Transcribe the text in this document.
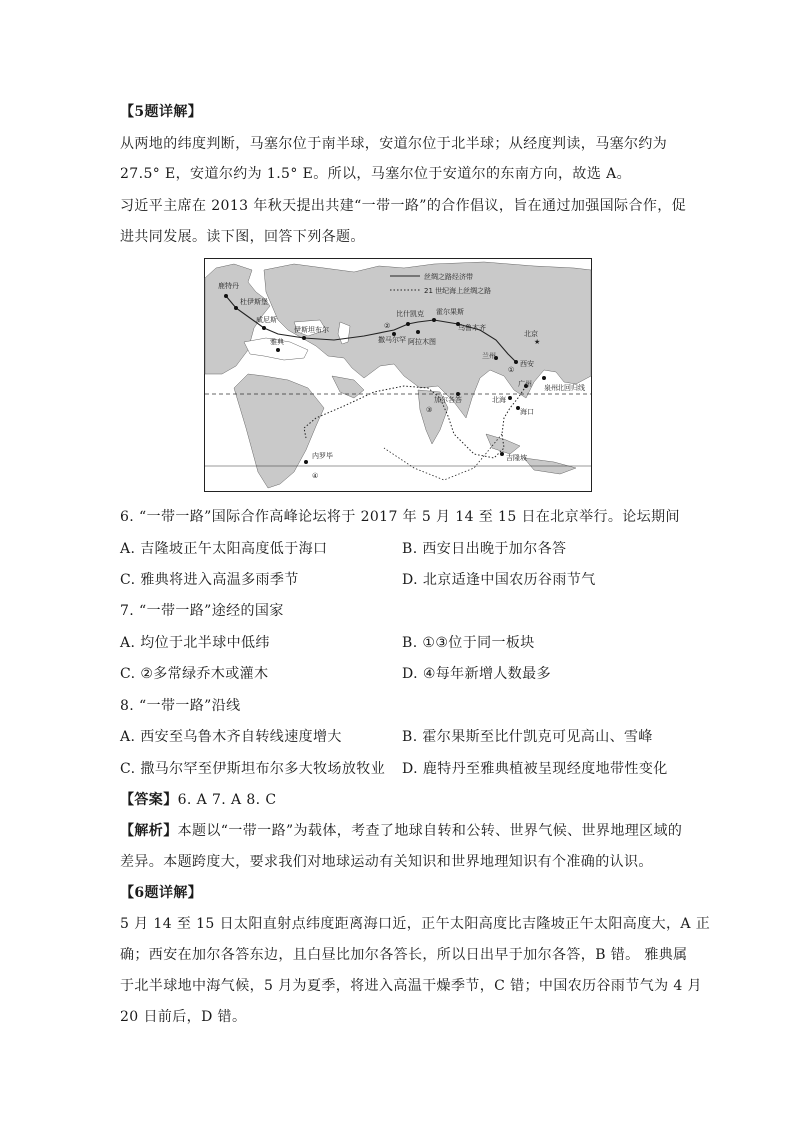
【5题详解】
从两地的纬度判断，马塞尔位于南半球，安道尔位于北半球；从经度判读，马塞尔约为
27.5° E，安道尔约为 1.5° E。所以，马塞尔位于安道尔的东南方向，故选 A。
习近平主席在 2013 年秋天提出共建“一带一路”的合作倡议，旨在通过加强国际合作，促
进共同发展。读下图，回答下列各题。
北回归线
★
丝绸之路经济带
21 世纪海上丝绸之路
鹿特丹
杜伊斯堡
威尼斯
雅典
伊斯坦布尔
比什凯克 霍尔果斯
乌鲁木齐
撒马尔罕 阿拉木图
北京
兰州
西安
加尔各答
广州 泉州
北海
海口
内罗毕	吉隆坡
①
②
③
④
6. “一带一路”国际合作高峰论坛将于 2017 年 5 月 14 至 15 日在北京举行。论坛期间
A. 吉隆坡正午太阳高度低于海口	B. 西安日出晚于加尔各答
C. 雅典将进入高温多雨季节	D. 北京适逢中国农历谷雨节气
7. “一带一路”途经的国家
A. 均位于北半球中低纬	B. ①③位于同一板块
C. ②多常绿乔木或灌木	D. ④每年新增人数最多
8. “一带一路”沿线
A. 西安至乌鲁木齐自转线速度增大	B. 霍尔果斯至比什凯克可见高山、雪峰
C. 撒马尔罕至伊斯坦布尔多大牧场放牧业 D. 鹿特丹至雅典植被呈现经度地带性变化
【答案】6. A 7. A 8. C
【解析】本题以“一带一路”为载体，考查了地球自转和公转、世界气候、世界地理区域的
差异。本题跨度大，要求我们对地球运动有关知识和世界地理知识有个准确的认识。
【6题详解】
5 月 14 至 15 日太阳直射点纬度距离海口近，正午太阳高度比吉隆坡正午太阳高度大，A 正
确；西安在加尔各答东边，且白昼比加尔各答长，所以日出早于加尔各答，B 错。 雅典属
于北半球地中海气候，5 月为夏季，将进入高温干燥季节，C 错；中国农历谷雨节气为 4 月
20 日前后，D 错。
